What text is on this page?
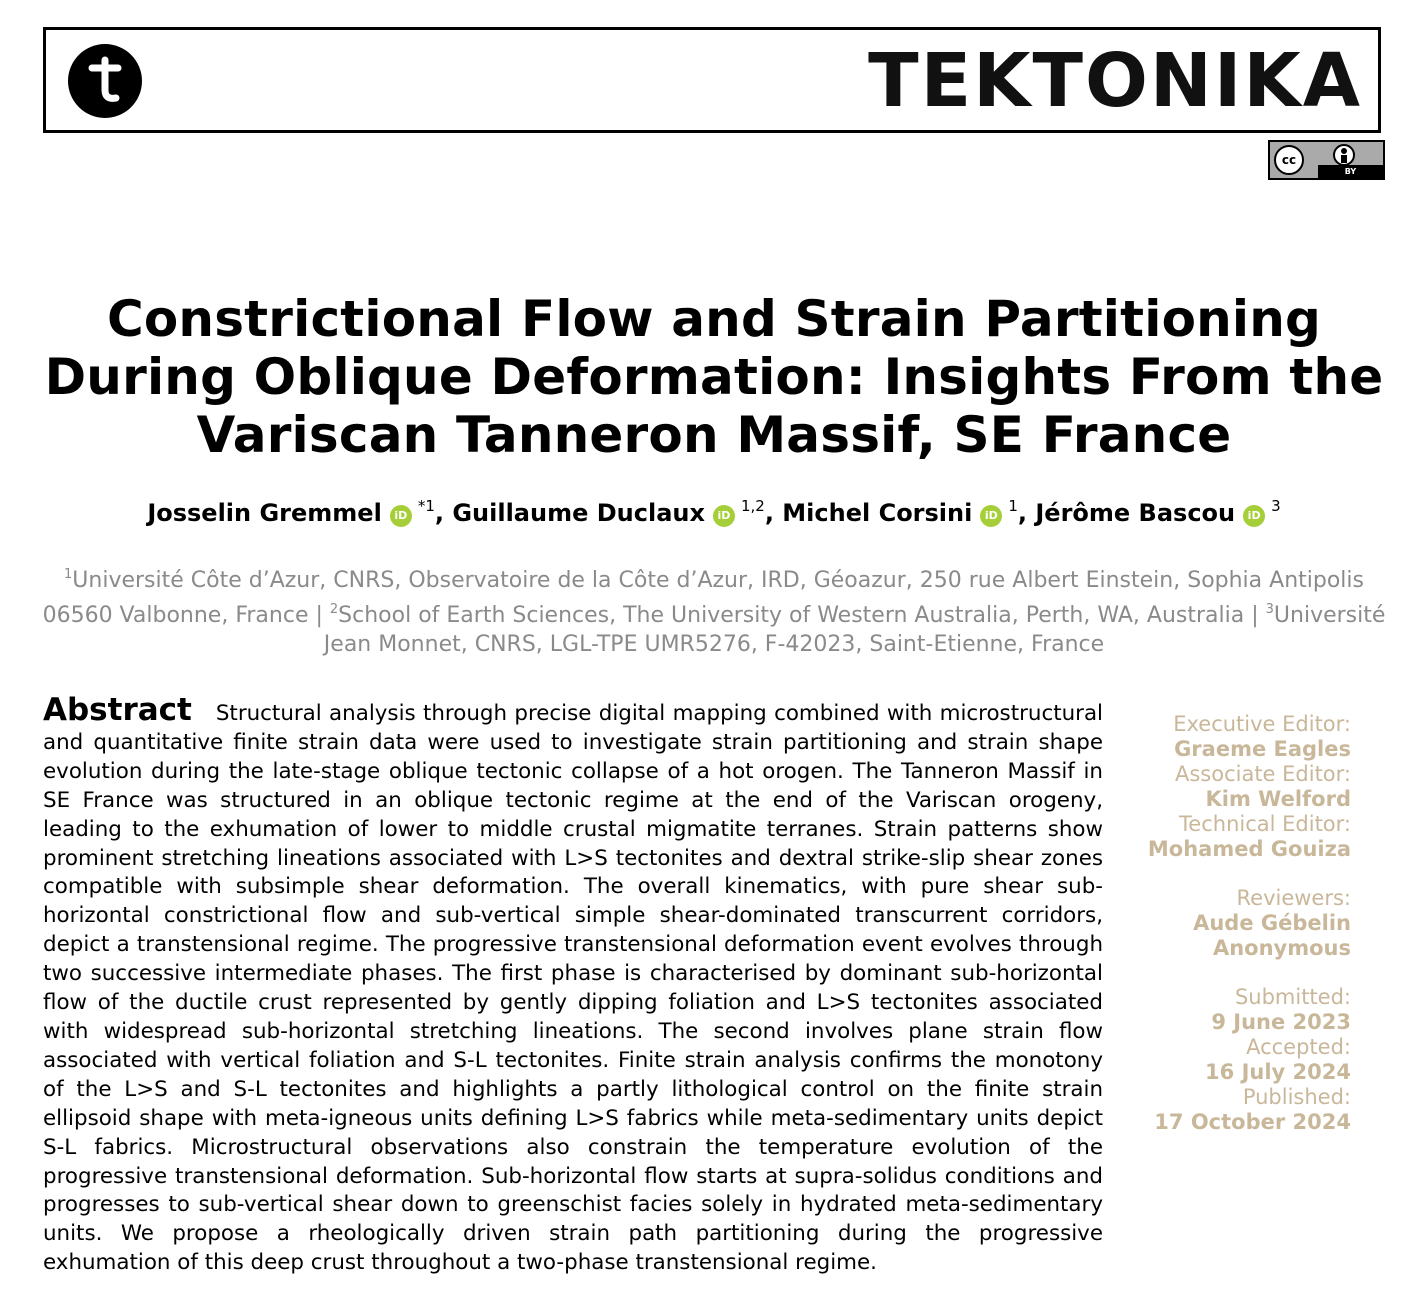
TEKTONIKA
cc
BY
Constrictional Flow and Strain Partitioning During Oblique Deformation: Insights From the Variscan Tanneron Massif, SE France
Josselin Gremmel $iD^{*1}$, Guillaume Duclaux iD$^{1,2}$, Michel Corsini $iD^1$, Jérôme Bascou $iD^3$
$^1$Université Côte d’Azur, CNRS, Observatoire de la Côte d’Azur, IRD, Géoazur, 250 rue Albert Einstein, Sophia Antipolis 06560 Valbonne, France | $^2$School of Earth Sciences, The University of Western Australia, Perth, WA, Australia | $^3$Université Jean Monnet, CNRS, LGL-TPE UMR5276, F-42023, Saint-Etienne, France

Abstract Structural analysis through precise digital mapping combined with microstructural and quantitative finite strain data were used to investigate strain partitioning and strain shape evolution during the late-stage oblique tectonic collapse of a hot orogen. The Tanneron Massif in SE France was structured in an oblique tectonic regime at the end of the Variscan orogeny, leading to the exhumation of lower to middle crustal migmatite terranes. Strain patterns show prominent stretching lineations associated with L>S tectonites and dextral strike-slip shear zones compatible with subsimple shear deformation. The overall kinematics, with pure shear sub-horizontal constrictional flow and sub-vertical simple shear-dominated transcurrent corridors, depict a transtensional regime. The progressive transtensional deformation event evolves through two successive intermediate phases. The first phase is characterised by dominant sub-horizontal flow of the ductile crust represented by gently dipping foliation and L>S tectonites associated with widespread sub-horizontal stretching lineations. The second involves plane strain flow associated with vertical foliation and S-L tectonites. Finite strain analysis confirms the monotony of the L>S and S-L tectonites and highlights a partly lithological control on the finite strain ellipsoid shape with meta-igneous units defining L>S fabrics while meta-sedimentary units depict S-L fabrics. Microstructural observations also constrain the temperature evolution of the progressive transtensional deformation. Sub-horizontal flow starts at supra-solidus conditions and progresses to sub-vertical shear down to greenschist facies solely in hydrated meta-sedimentary units. We propose a rheologically driven strain path partitioning during the progressive exhumation of this deep crust throughout a two-phase transtensional regime.

Executive Editor:
Graeme Eagles
Associate Editor:
Kim Welford
Technical Editor:
Mohamed Gouiza
Reviewers:
Aude Gébelin
Anonymous
Submitted:
9 June 2023
Accepted:
16 July 2024
Published:
17 October 2024
